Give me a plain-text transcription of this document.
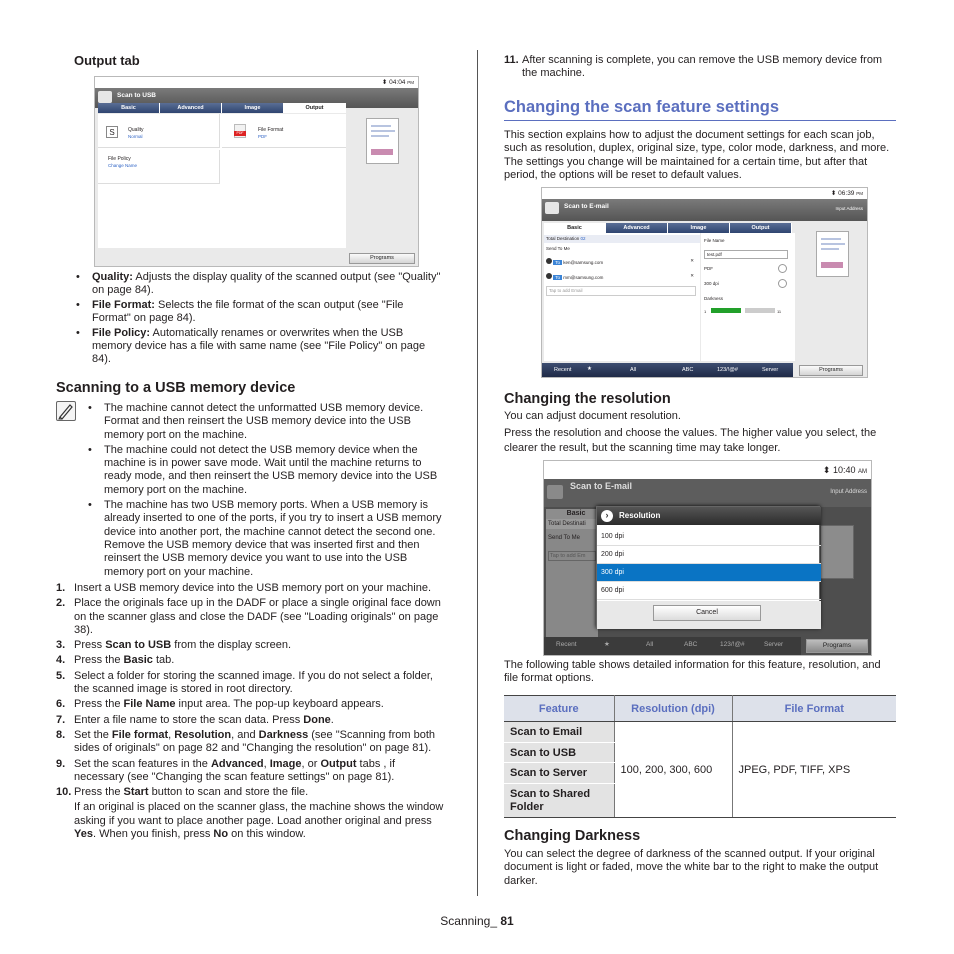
Output tab
⬍ 04:04 PM
Scan to USB
Basic	Advanced	Image	Output
S	Quality
Normal
PDF	File Format
PDF
File Policy
Change Name
Programs
• Quality: Adjusts the display quality of the scanned output (see "Quality" on page 84).
• File Format: Selects the file format of the scan output (see "File Format" on page 84).
• File Policy: Automatically renames or overwrites when the USB memory device has a file with same name (see "File Policy" on page 84).
Scanning to a USB memory device
• The machine cannot detect the unformatted USB memory device. Format and then reinsert the USB memory device into the USB memory port on the machine.
• The machine could not detect the USB memory device when the machine is in power save mode. Wait until the machine returns to ready mode, and then reinsert the USB memory device into the USB memory port on the machine.
• The machine has two USB memory ports. When a USB memory is already inserted to one of the ports, if you try to insert a USB memory device into another port, the machine cannot detect the second one. Remove the USB memory device that was inserted first and then reinsert the USB memory device you want to use into the USB memory port on your machine.
1. Insert a USB memory device into the USB memory port on your machine.
2. Place the originals face up in the DADF or place a single original face down on the scanner glass and close the DADF (see "Loading originals" on page 38).
3. Press Scan to USB from the display screen.
4. Press the Basic tab.
5. Select a folder for storing the scanned image. If you do not select a folder, the scanned image is stored in root directory.
6. Press the File Name input area. The pop-up keyboard appears.
7. Enter a file name to store the scan data. Press Done.
8. Set the File format, Resolution, and Darkness (see "Scanning from both sides of originals" on page 82 and "Changing the resolution" on page 81).
9. Set the scan features in the Advanced, Image, or Output tabs , if necessary (see "Changing the scan feature settings" on page 81).
10. Press the Start button to scan and store the file.
If an original is placed on the scanner glass, the machine shows the window asking if you want to place another page. Load another original and press Yes. When you finish, press No on this window.
11. After scanning is complete, you can remove the USB memory device from the machine.
Changing the scan feature settings
This section explains how to adjust the document settings for each scan job, such as resolution, duplex, original size, type, color mode, darkness, and more. The settings you change will be maintained for a certain time, but after that period, the options will be reset to default values.
⬍ 06:39 PM
Scan to E-mail	Input Address
Basic	Advanced	Image	Output
Total Destination 02
Send To Me
To ken@samsung.com	✕
To mm@samsung.com	✕
Tap to add Email
File Name
test.pdf
PDF
300 dpi
Darkness
1	11
Recent	★	All	ABC	123/!@#	Server	Programs
Changing the resolution
You can adjust document resolution.
Press the resolution and choose the values. The higher value you select, the clearer the result, but the scanning time may take longer.
⬍ 10:40 AM
Scan to E-mail
Input Address
Basic
Total Destinati
Send To Me
Tap to add Em
›	Resolution
100 dpi
200 dpi
300 dpi
600 dpi
Cancel
Recent	★	All	ABC	123/!@#	Server	Programs
The following table shows detailed information for this feature, resolution, and file format options.
Feature	Resolution (dpi)	File Format
Scan to Email	100, 200, 300, 600	JPEG, PDF, TIFF, XPS
Scan to USB		
Scan to Server		
Scan to Shared Folder		
Changing Darkness
You can select the degree of darkness of the scanned output. If your original document is light or faded, move the white bar to the right to make the output darker.
Scanning_ 81
